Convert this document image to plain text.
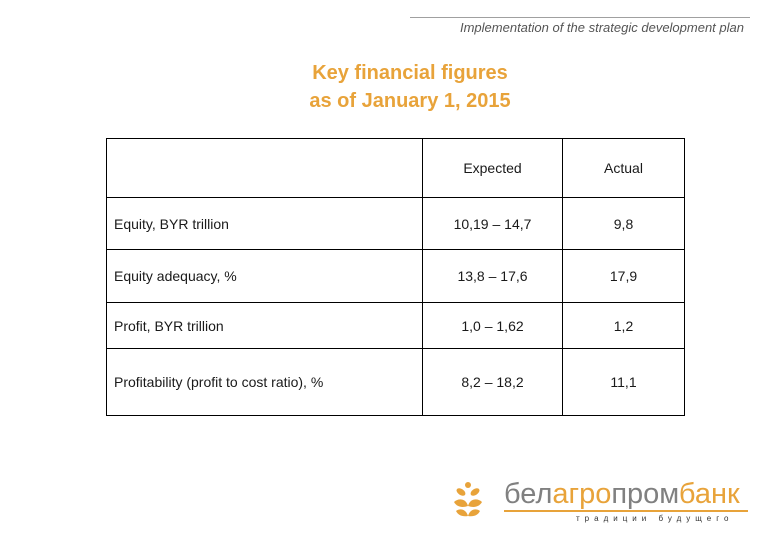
Implementation of the strategic development plan
Key financial figures
as of January 1, 2015
	Expected	Actual
Equity, BYR trillion	10,19 – 14,7	9,8
Equity adequacy, %	13,8 – 17,6	17,9
Profit, BYR trillion	1,0 – 1,62	1,2
Profitability (profit to cost ratio), %	8,2 – 18,2	11,1
белагропромбанк
традиции будущего
